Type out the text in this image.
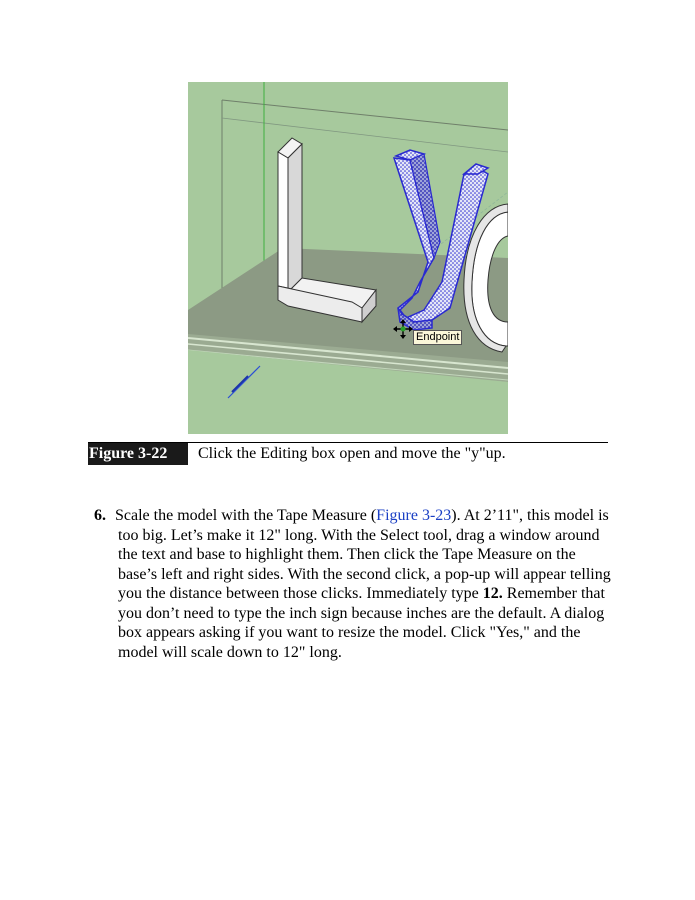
Endpoint
Figure 3-22	Click the Editing box open and move the "y"up.

6. Scale the model with the Tape Measure (Figure 3-23). At 2’11", this model is too big. Let’s make it 12" long. With the Select tool, drag a window around the text and base to highlight them. Then click the Tape Measure on the base’s left and right sides. With the second click, a pop-up will appear telling you the distance between those clicks. Immediately type 12. Remember that you don’t need to type the inch sign because inches are the default. A dialog box appears asking if you want to resize the model. Click "Yes," and the model will scale down to 12" long.
